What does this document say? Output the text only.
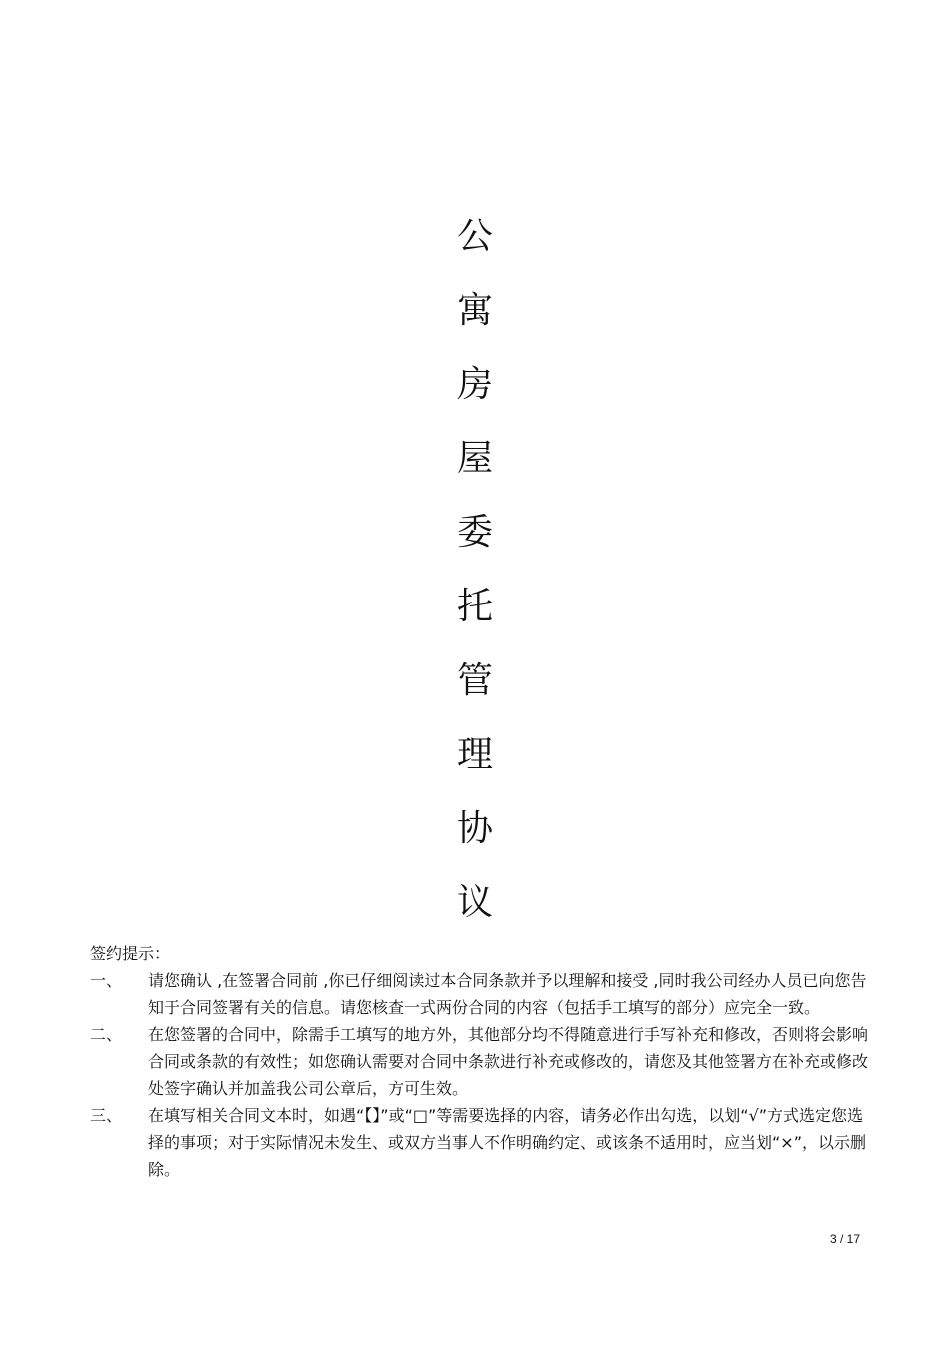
公
寓
房
屋
委
托
管
理
协
议
签约提示：
一、 请您确认 ,在签署合同前 ,你已仔细阅读过本合同条款并予以理解和接受 ,同时我公司经办人员已向您告知于合同签署有关的信息。请您核查一式两份合同的内容（包括手工填写的部分）应完全一致。
二、 在您签署的合同中，除需手工填写的地方外，其他部分均不得随意进行手写补充和修改，否则将会影响合同或条款的有效性；如您确认需要对合同中条款进行补充或修改的，请您及其他签署方在补充或修改处签字确认并加盖我公司公章后，方可生效。
三、 在填写相关合同文本时，如遇“【】”或“□”等需要选择的内容，请务必作出勾选，以划“√”方式选定您选择的事项；对于实际情况未发生、或双方当事人不作明确约定、或该条不适用时，应当划“×”，以示删除。
3 / 17
